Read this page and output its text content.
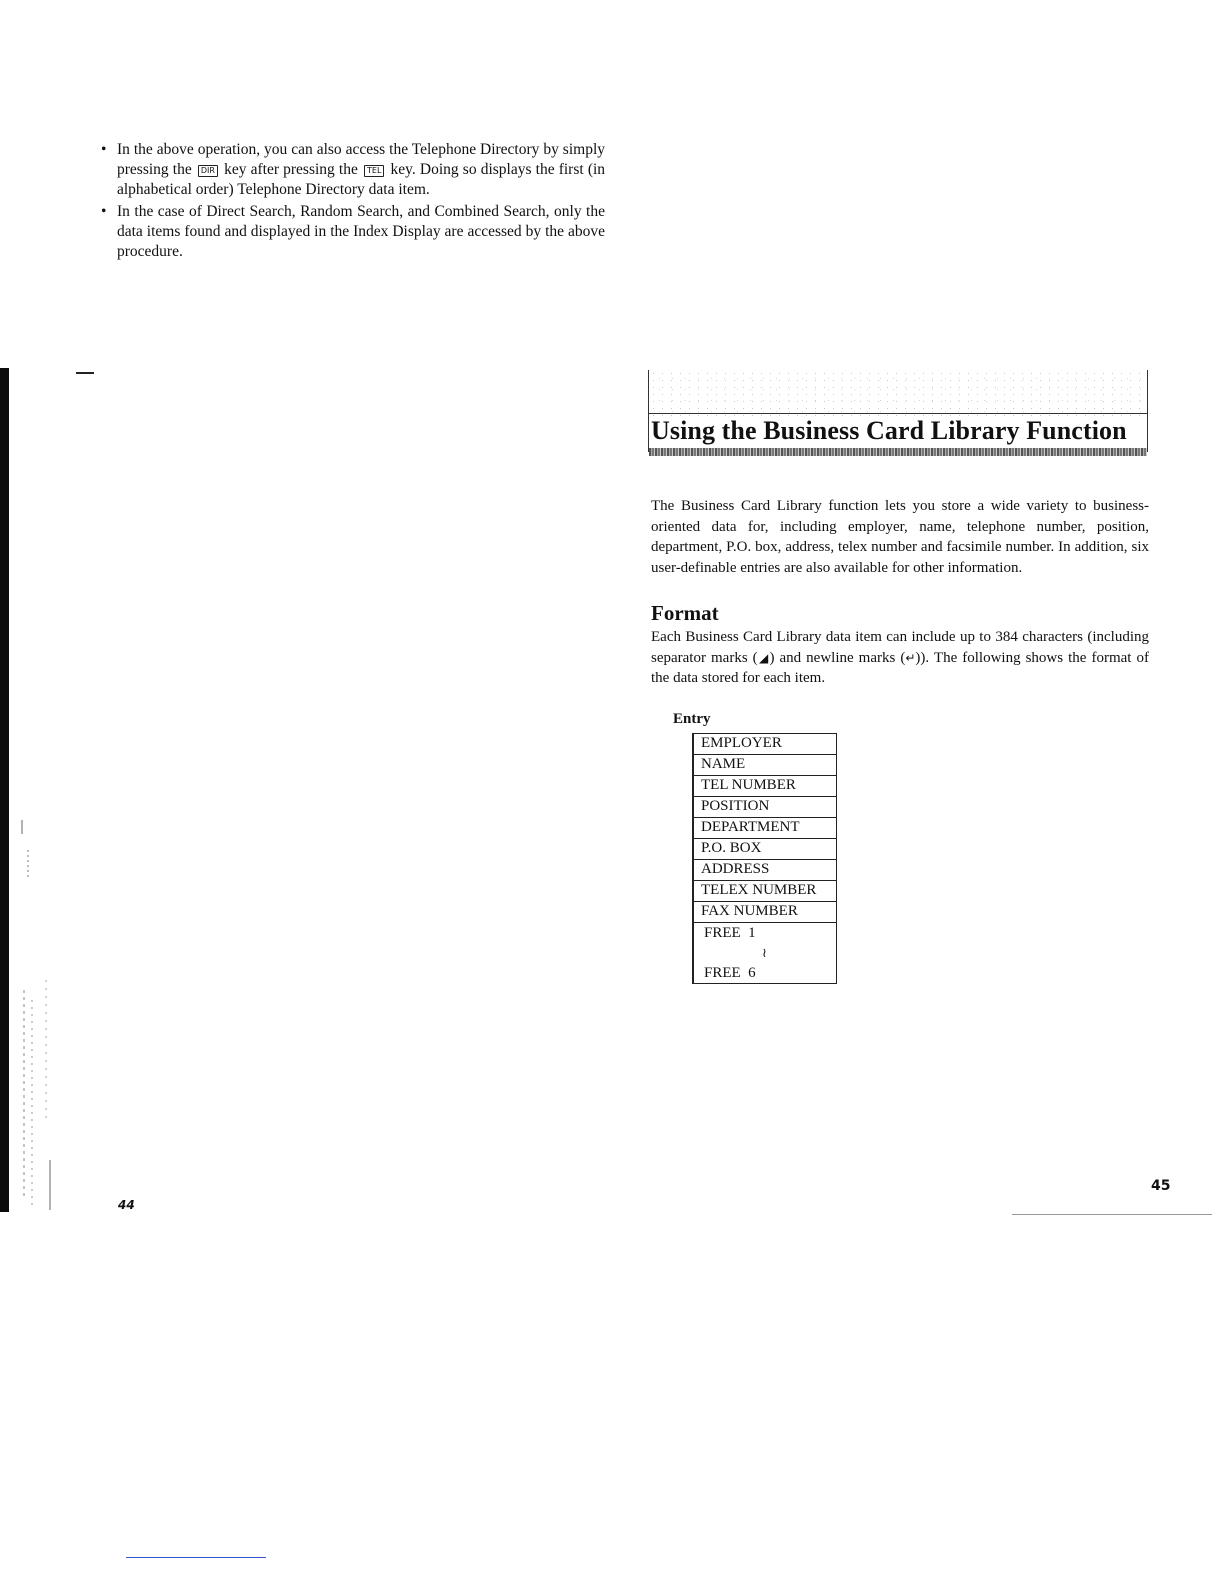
• In the above operation, you can also access the Telephone Directory by simply pressing the DIR key after pressing the TEL key. Doing so displays the first (in alphabetical order) Telephone Directory data item.
• In the case of Direct Search, Random Search, and Combined Search, only the data items found and displayed in the Index Display are accessed by the above procedure.
44
Using the Business Card Library Function
The Business Card Library function lets you store a wide variety to business-oriented data for, including employer, name, telephone number, position, department, P.O. box, address, telex number and facsimile number. In addition, six user-definable entries are also available for other information.
Format
Each Business Card Library data item can include up to 384 characters (including separator marks (◢) and newline marks (↵)). The following shows the format of the data stored for each item.
Entry
EMPLOYER
NAME
TEL NUMBER
POSITION
DEPARTMENT
P.O. BOX
ADDRESS
TELEX NUMBER
FAX NUMBER
FREE  1
≀
FREE  6
45
